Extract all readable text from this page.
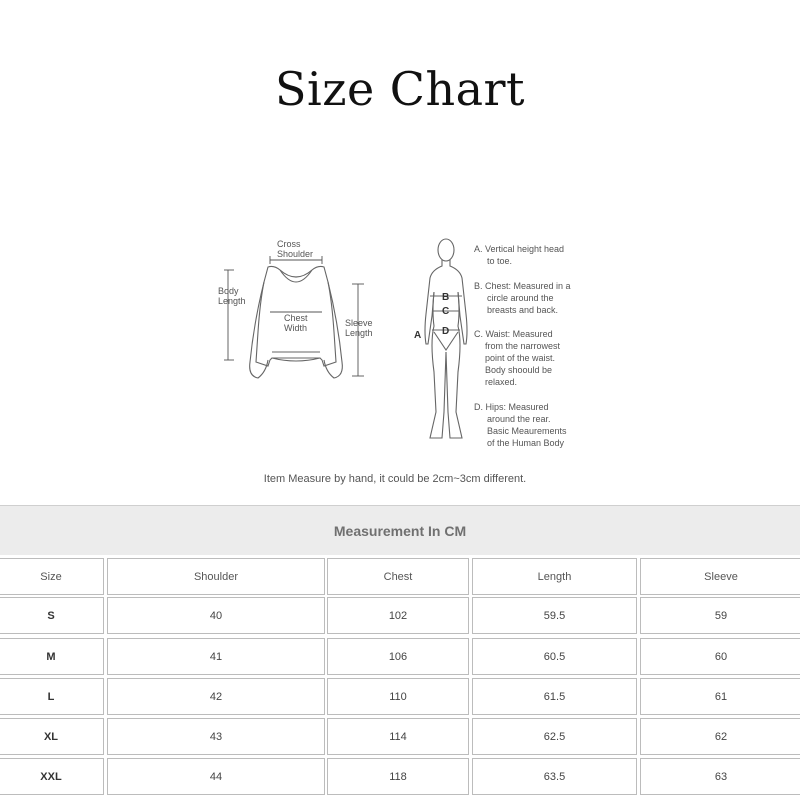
Size Chart
Cross
Shoulder
Body
Length
Chest
Width	Sleeve
Length	A
B
C
D
A. Vertical height head
to toe.
B. Chest: Measured in a
circle around the
breasts and back.
C. Waist: Measured
from the narrowest
point of the waist.
Body shoould be
relaxed.
D. Hips: Measured
around the rear.
Basic Meaurements
of the Human Body
Item Measure by hand, it could be 2cm~3cm different.
Measurement In CM
Size	Shoulder	Chest	Length	Sleeve
S	40	102	59.5	59
M	41	106	60.5	60
L	42	110	61.5	61
XL	43	114	62.5	62
XXL	44	118	63.5	63
